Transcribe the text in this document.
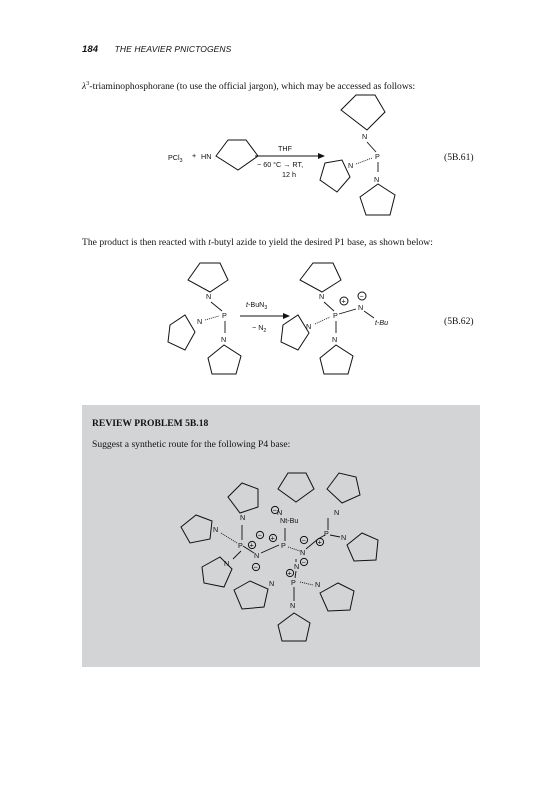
184 THE HEAVIER PNICTOGENS
$\lambda^3$-triaminophosphorane (to use the official jargon), which may be accessed as follows:
PCl$_3$
+ HN
THF
− 60 °C → RT,
12 h
N
P
N
N
(5B.61)
The product is then reacted with t-butyl azide to yield the desired P1 base, as shown below:
N
P
N
N
t-BuN$_3$
− $N_2$
N
P
N
N
N
t-Bu
+
−
(5B.62)
REVIEW PROBLEM 5B.18
Suggest a synthetic route for the following P4 base:
N	N
Nt-Bu
P N
P
N
P
N
N
N
N	N
P
N	N
N
−
+
−
+	− +
−
+
−
